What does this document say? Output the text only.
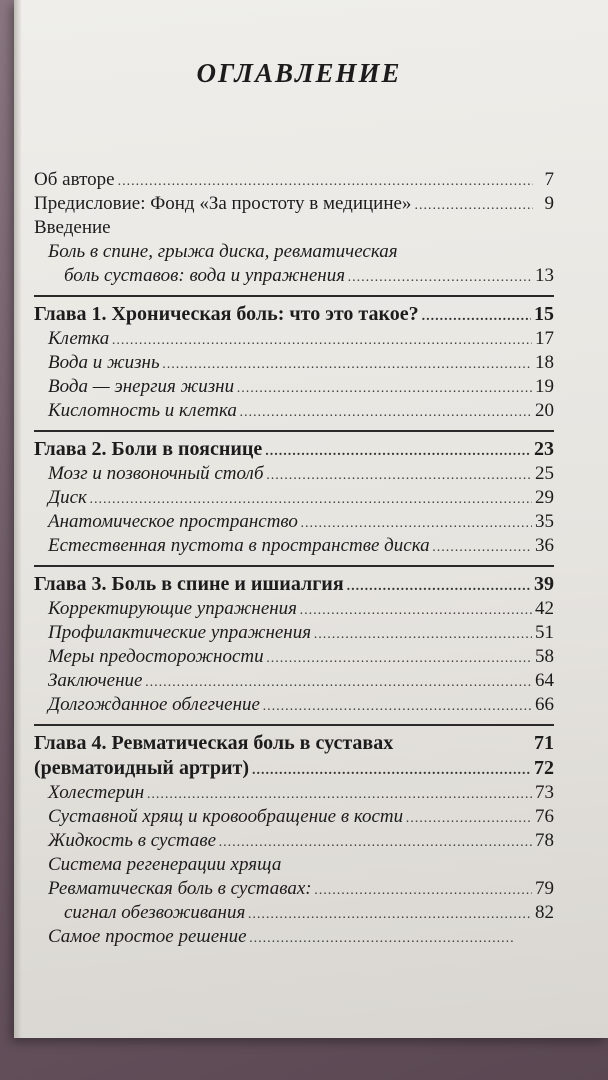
ОГЛАВЛЕНИЕ
Об авторе .....	7
Предисловие: Фонд «За простоту в медицине» .....	9
Введение
Боль в спине, грыжа диска, ревматическая
боль суставов: вода и упражнения .....	13
Глава 1. Хроническая боль: что это такое? .....	15
Клетка .....	17
Вода и жизнь .....	18
Вода — энергия жизни .....	19
Кислотность и клетка .....	20
Глава 2. Боли в пояснице .....	23
Мозг и позвоночный столб .....	25
Диск .....	29
Анатомическое пространство .....	35
Естественная пустота в пространстве диска .....	36
Глава 3. Боль в спине и ишиалгия .....	39
Корректирующие упражнения .....	42
Профилактические упражнения .....	51
Меры предосторожности .....	58
Заключение .....	64
Долгожданное облегчение .....	66
Глава 4. Ревматическая боль в суставах	71
(ревматоидный артрит) .....	72
Холестерин .....	73
Суставной хрящ и кровообращение в кости .....	76
Жидкость в суставе .....	78
Система регенерации хряща
Ревматическая боль в суставах: .....	79
сигнал обезвоживания .....	82
Самое простое решение
.....
